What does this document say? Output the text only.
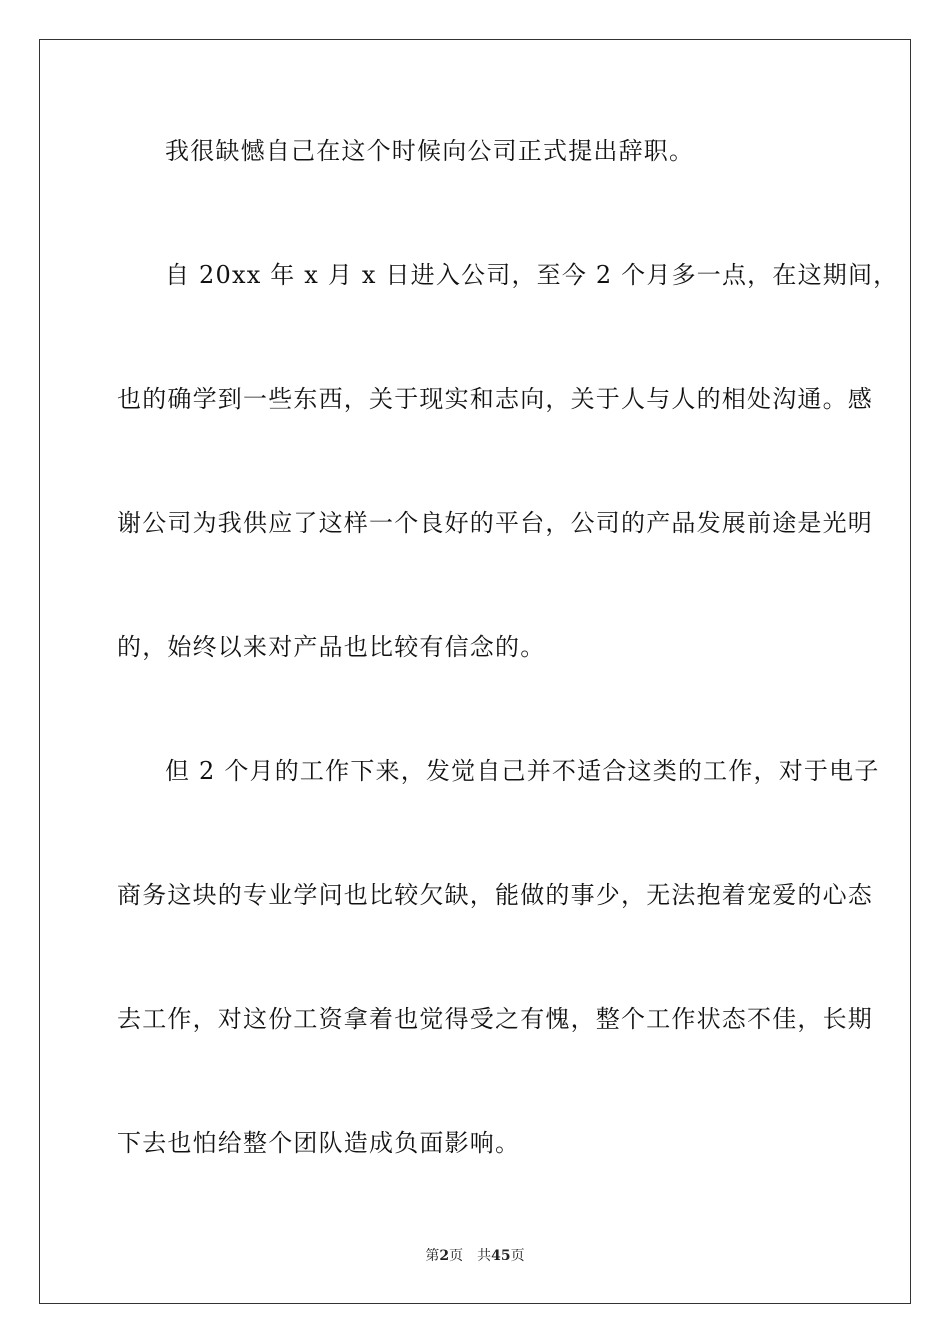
我很缺憾自己在这个时候向公司正式提出辞职。
自 20xx 年 x 月 x 日进入公司，至今 2 个月多一点，在这期间，
也的确学到一些东西，关于现实和志向，关于人与人的相处沟通。感
谢公司为我供应了这样一个良好的平台，公司的产品发展前途是光明
的，始终以来对产品也比较有信念的。
但 2 个月的工作下来，发觉自己并不适合这类的工作，对于电子
商务这块的专业学问也比较欠缺，能做的事少，无法抱着宠爱的心态
去工作，对这份工资拿着也觉得受之有愧，整个工作状态不佳，长期
下去也怕给整个团队造成负面影响。
第2页 共45页
